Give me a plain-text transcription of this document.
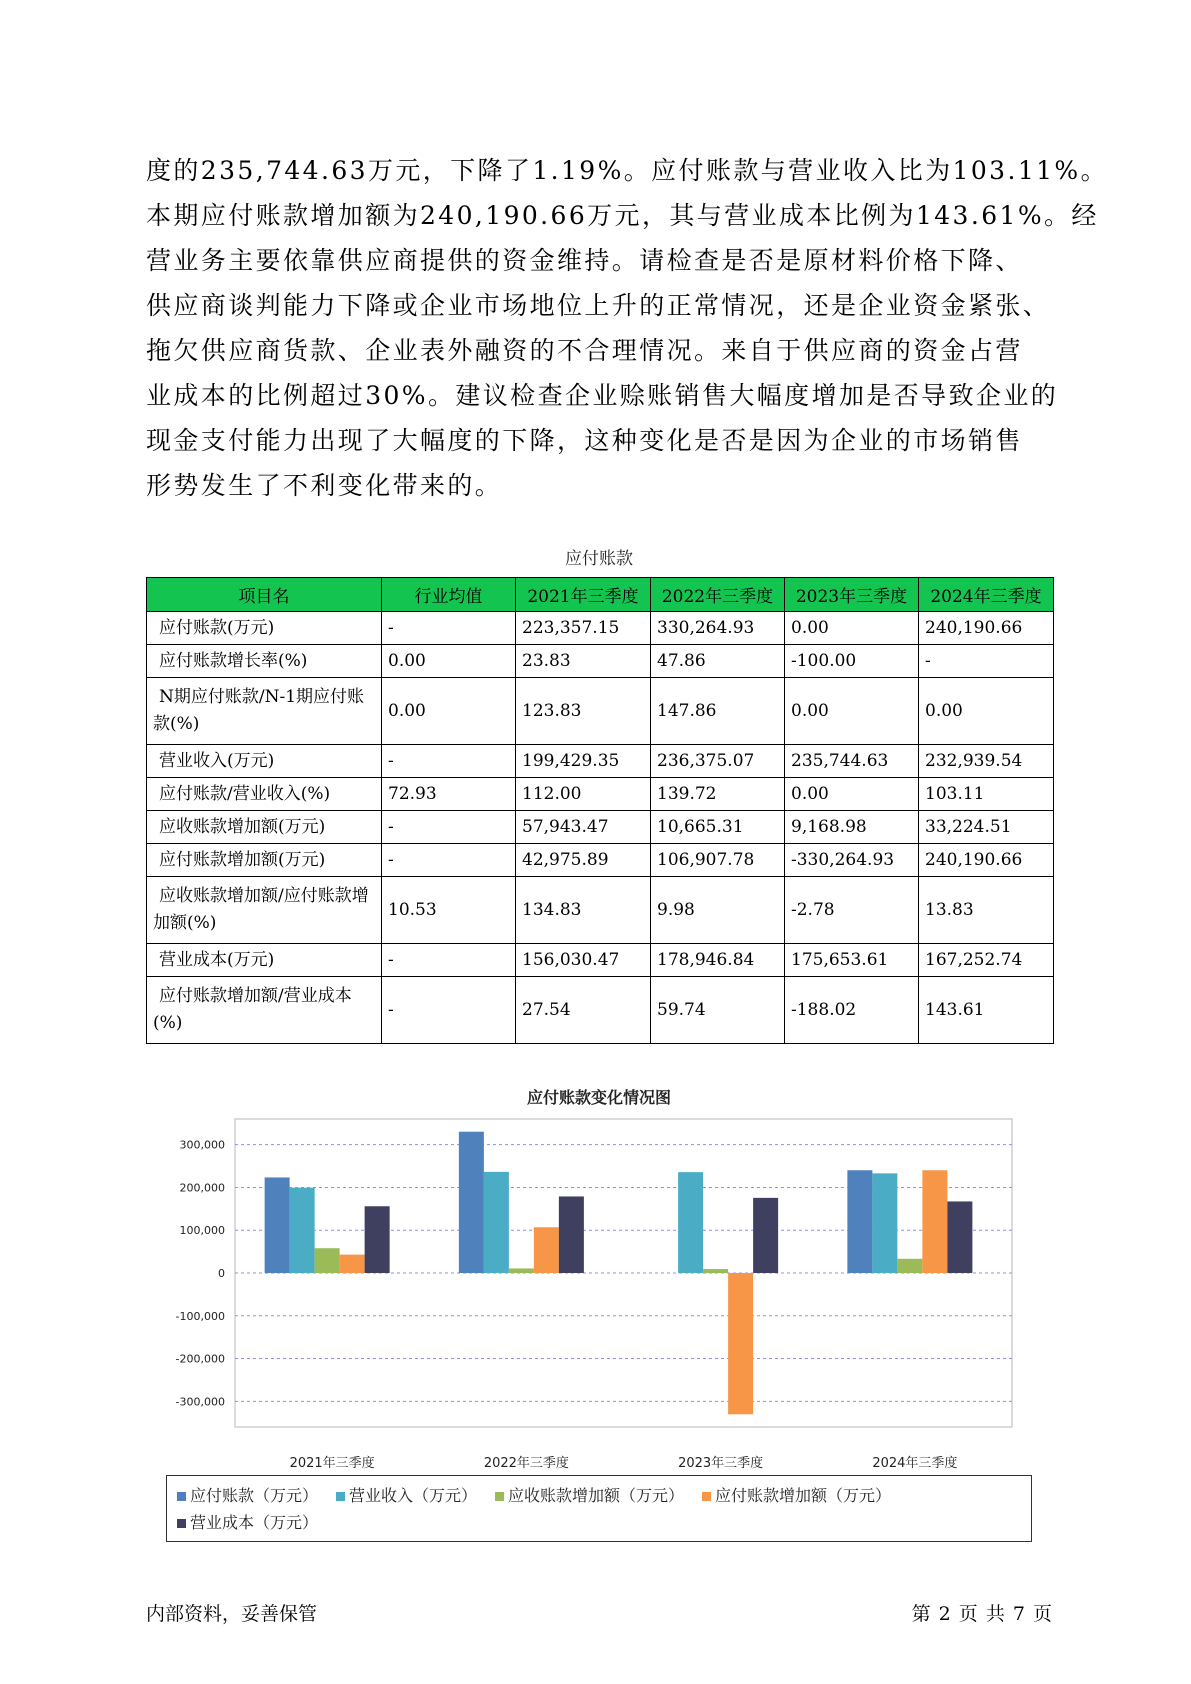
度的235,744.63万元，下降了1.19%。应付账款与营业收入比为103.11%。
本期应付账款增加额为240,190.66万元，其与营业成本比例为143.61%。经
营业务主要依靠供应商提供的资金维持。请检查是否是原材料价格下降、
供应商谈判能力下降或企业市场地位上升的正常情况，还是企业资金紧张、
拖欠供应商货款、企业表外融资的不合理情况。来自于供应商的资金占营
业成本的比例超过30%。建议检查企业赊账销售大幅度增加是否导致企业的
现金支付能力出现了大幅度的下降，这种变化是否是因为企业的市场销售
形势发生了不利变化带来的。
应付账款
项目名	行业均值	2021年三季度	2022年三季度	2023年三季度	2024年三季度
应付账款(万元)	-	223,357.15	330,264.93	0.00	240,190.66
应付账款增长率(%)	0.00	23.83	47.86	-100.00	-
N期应付账款/N-1期应付账款(%)	0.00	123.83	147.86	0.00	0.00
营业收入(万元)	-	199,429.35	236,375.07	235,744.63	232,939.54
应付账款/营业收入(%)	72.93	112.00	139.72	0.00	103.11
应收账款增加额(万元)	-	57,943.47	10,665.31	9,168.98	33,224.51
应付账款增加额(万元)	-	42,975.89	106,907.78	-330,264.93	240,190.66
应收账款增加额/应付账款增加额(%)	10.53	134.83	9.98	-2.78	13.83
营业成本(万元)	-	156,030.47	178,946.84	175,653.61	167,252.74
应付账款增加额/营业成本(%)	-	27.54	59.74	-188.02	143.61
应付账款变化情况图
300,000
200,000
100,000
0
-100,000
-200,000
-300,000
2021年三季度	2022年三季度	2023年三季度	2024年三季度
应付账款（万元） 营业收入（万元） 应收账款增加额（万元） 应付账款增加额（万元）营业成本（万元）
内部资料，妥善保管	第 2 页 共 7 页
